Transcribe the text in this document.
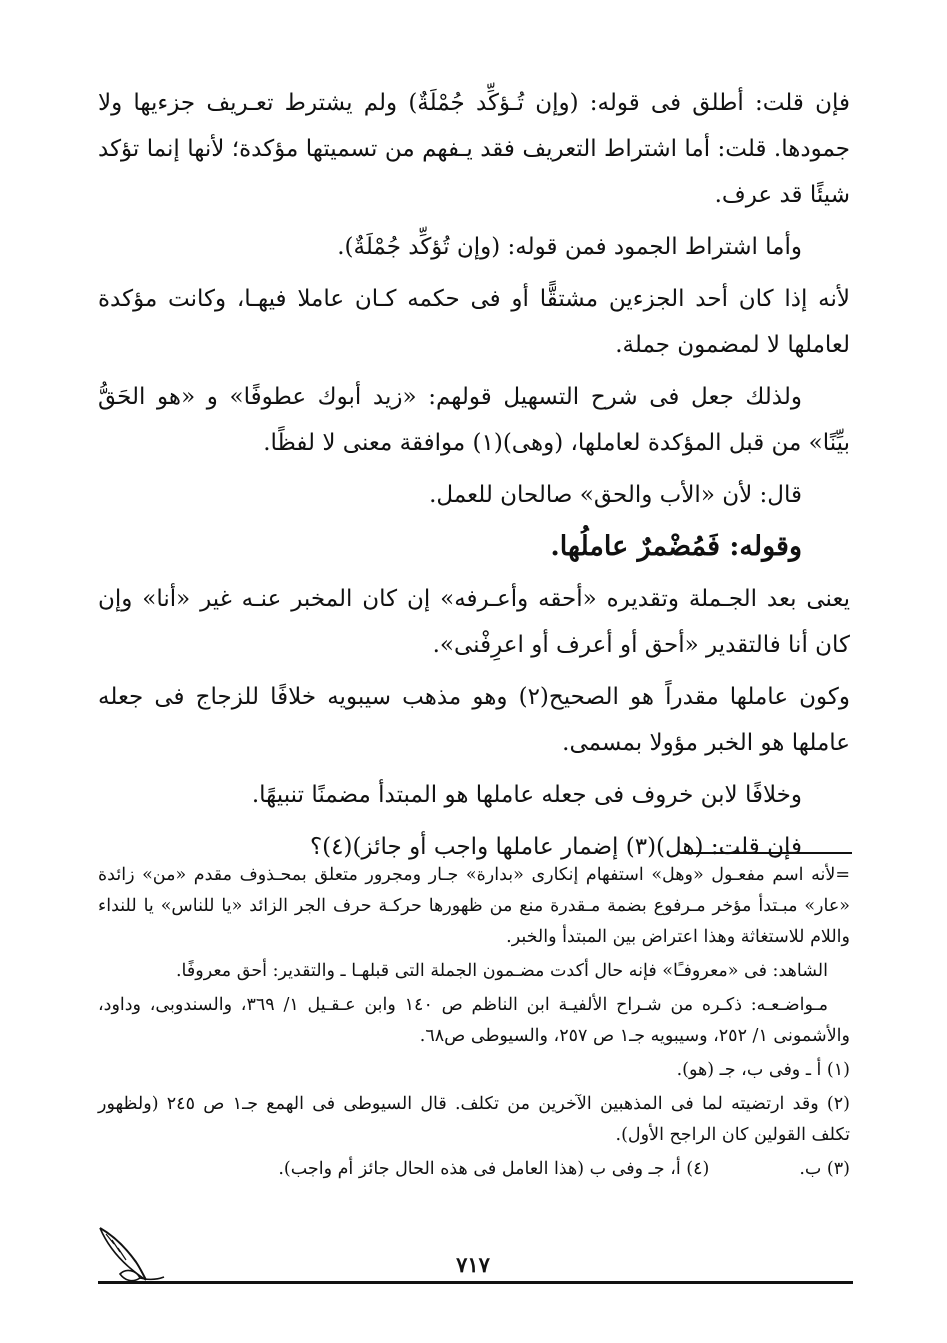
فإن قلت: أطلق فى قوله: (وإن تُـؤكِّد جُمْلَةٌ) ولم يشترط تعـريف جزءيها ولا جمودها. قلت: أما اشتراط التعريف فقد يـفهم من تسميتها مؤكدة؛ لأنها إنما تؤكد شيئًا قد عرف.

وأما اشتراط الجمود فمن قوله: (وإن تُؤكِّد جُمْلَةٌ).

لأنه إذا كان أحد الجزءين مشتقًّا أو فى حكمه كـان عاملا فيهـا، وكانت مؤكدة لعاملها لا لمضمون جملة.

ولذلك جعل فى شرح التسهيل قولهم: «زيد أبوك عطوفًا» و «هو الحَقُّ بيِّنًا» من قبل المؤكدة لعاملها، (وهى)(١) موافقة معنى لا لفظًا.

قال: لأن «الأب والحق» صالحان للعمل.

وقوله: فَمُضْمرٌ عاملُها.

يعنى بعد الجـملة وتقديره «أحقه وأعـرفه» إن كان المخبر عنـه غير «أنا» وإن كان أنا فالتقدير «أحق أو أعرف أو اعرِفْنى».

وكون عاملها مقدراً هو الصحيح(٢) وهو مذهب سيبويه خلافًا للزجاج فى جعله عاملها هو الخبر مؤولا بمسمى.

وخلافًا لابن خروف فى جعله عاملها هو المبتدأ مضمنًا تنبيهًا.

فإن قلت: (هل)(٣) إضمار عاملها واجب أو جائز)(٤)؟

=لأنه اسم مفعـول «وهل» استفهام إنكارى «بدارة» جـار ومجرور متعلق بمحـذوف مقدم «من» زائدة «عار» مبـتدأ مؤخر مـرفوع بضمة مـقدرة منع من ظهورها حركـة حرف الجر الزائد «يا للناس» يا للنداء واللام للاستغاثة وهذا اعتراض بين المبتدأ والخبر.

الشاهد: فى «معروفـًا» فإنه حال أكدت مضـمون الجملة التى قبلهـا ـ والتقدير: أحق معروفًا.

مـواضـعـه: ذكـره من شـراح الألفيـة ابن الناظم ص ١٤٠ وابن عـقـيل ١/ ٣٦٩، والسندوبى، وداود، والأشمونى ١/ ٢٥٢، وسيبويه جـ١ ص ٢٥٧، والسيوطى ص٦٨.

(١) أ ـ وفى ب، جـ (هو).

(٢) وقد ارتضيته لما فى المذهبين الآخرين من تكلف. قال السيوطى فى الهمع جـ١ ص ٢٤٥ (ولظهور تكلف القولين كان الراجح الأول).

(٣) ب.
(٤) أ، جـ وفى ب (هذا العامل فى هذه الحال جائز أم واجب).
٧١٧
